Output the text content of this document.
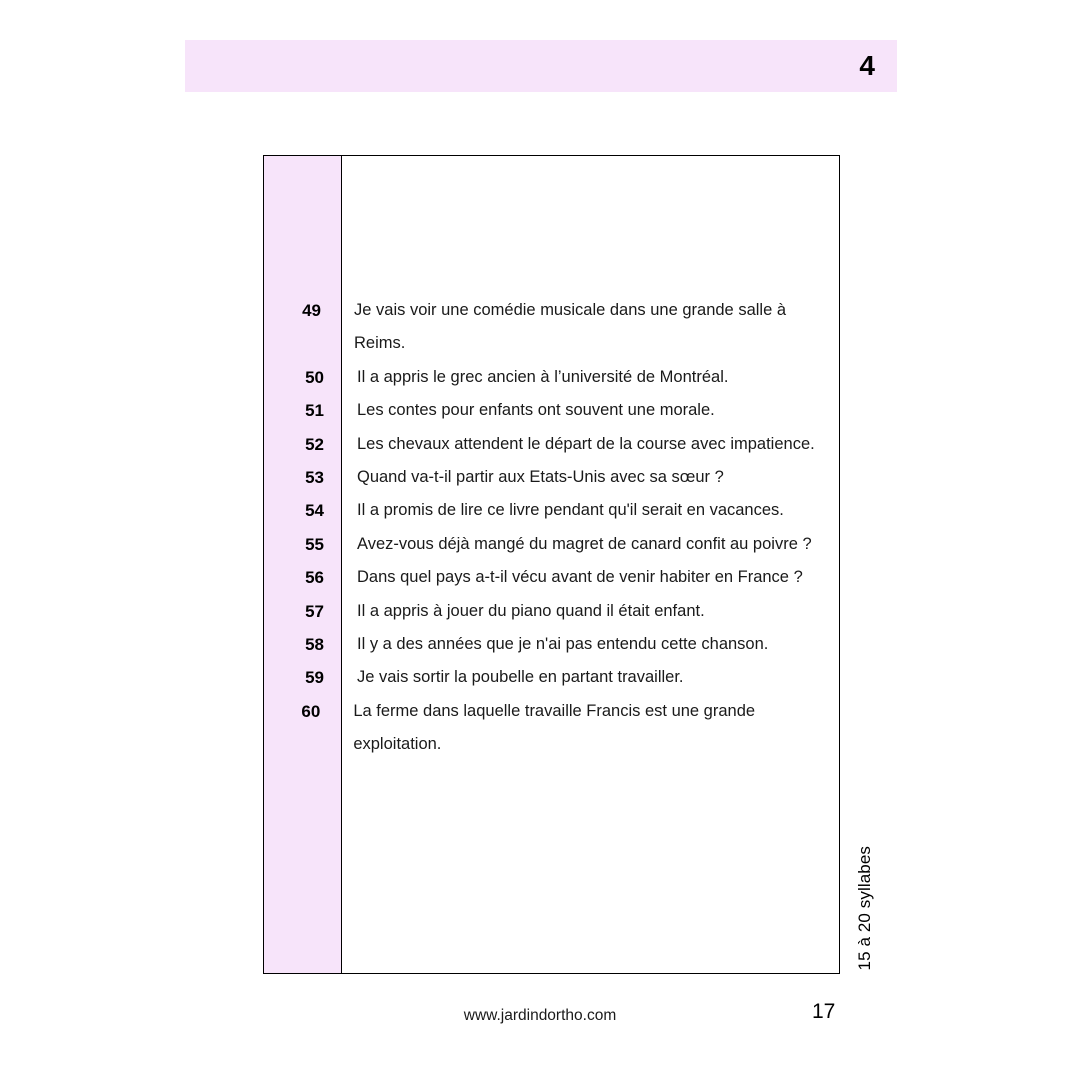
4
49	Je vais voir une comédie musicale dans une grande salle à Reims.
50	Il a appris le grec ancien à l’université de Montréal.
51	Les contes pour enfants ont souvent une morale.
52	Les chevaux attendent le départ de la course avec impatience.
53	Quand va-t-il partir aux Etats-Unis avec sa sœur ?
54	Il a promis de lire ce livre pendant qu'il serait en vacances.
55	Avez-vous déjà mangé du magret de canard confit au poivre ?
56	Dans quel pays a-t-il vécu avant de venir habiter en France ?
57	Il a appris à jouer du piano quand il était enfant.
58	Il y a des années que je n'ai pas entendu cette chanson.
59	Je vais sortir la poubelle en partant travailler.
60	La ferme dans laquelle travaille Francis est une grande exploitation.
15 à 20 syllabes
www.jardindortho.com	17
